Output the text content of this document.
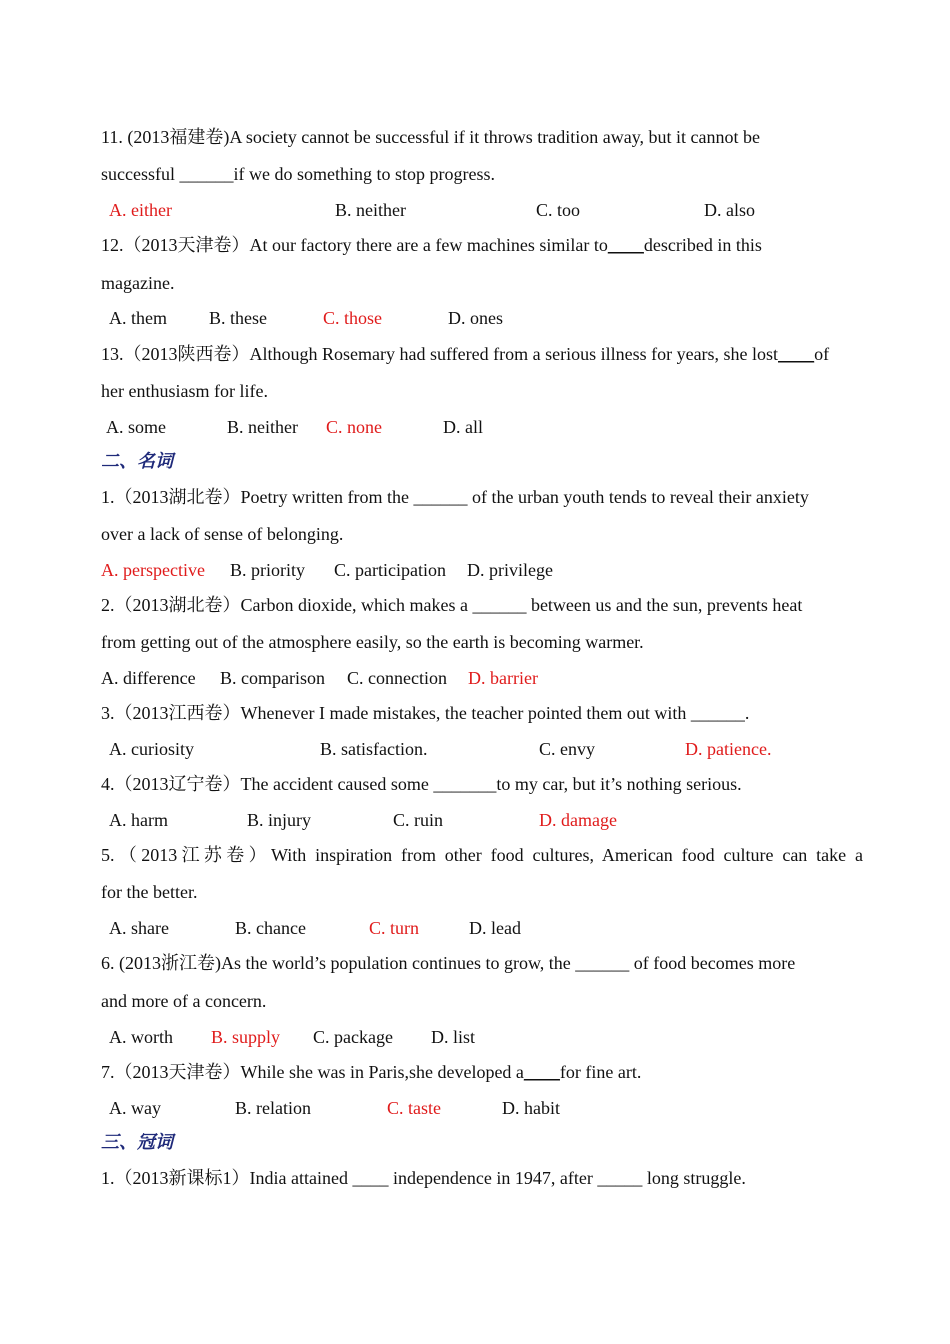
11. (2013福建卷)A society cannot be successful if it throws tradition away, but it cannot be
successful ______if we do something to stop progress.
A. either	B. neither	C. too	D. also
12.（2013天津卷）At our factory there are a few machines similar to____described in this
magazine.
A. them B. these	C. those	D. ones
13.（2013陕西卷）Although Rosemary had suffered from a serious illness for years, she lost____of
her enthusiasm for life.
A. some	B. neither C. none	D. all
二、名词
1.（2013湖北卷）Poetry written from the ______ of the urban youth tends to reveal their anxiety
over a lack of sense of belonging.
A. perspective B. priority C. participation D. privilege
2.（2013湖北卷）Carbon dioxide, which makes a ______ between us and the sun, prevents heat
from getting out of the atmosphere easily, so the earth is becoming warmer.
A. difference B. comparison C. connection D. barrier
3.（2013江西卷）Whenever I made mistakes, the teacher pointed them out with ______.
A. curiosity	B. satisfaction.	C. envy	D. patience.
4.（2013辽宁卷）The accident caused some _______to my car, but it’s nothing serious.
A. harm	B. injury	C. ruin	D. damage
5.（2013江苏卷）With inspiration from other food cultures, American food culture can take a
for the better.
A. share	B. chance	C. turn	D. lead
6. (2013浙江卷)As the world’s population continues to grow, the ______ of food becomes more
and more of a concern.
A. worth B. supply C. package D. list
7.（2013天津卷）While she was in Paris,she developed a____for fine art.
A. way	B. relation	C. taste	D. habit
三、冠词
1.（2013新课标1）India attained ____ independence in 1947, after _____ long struggle.
